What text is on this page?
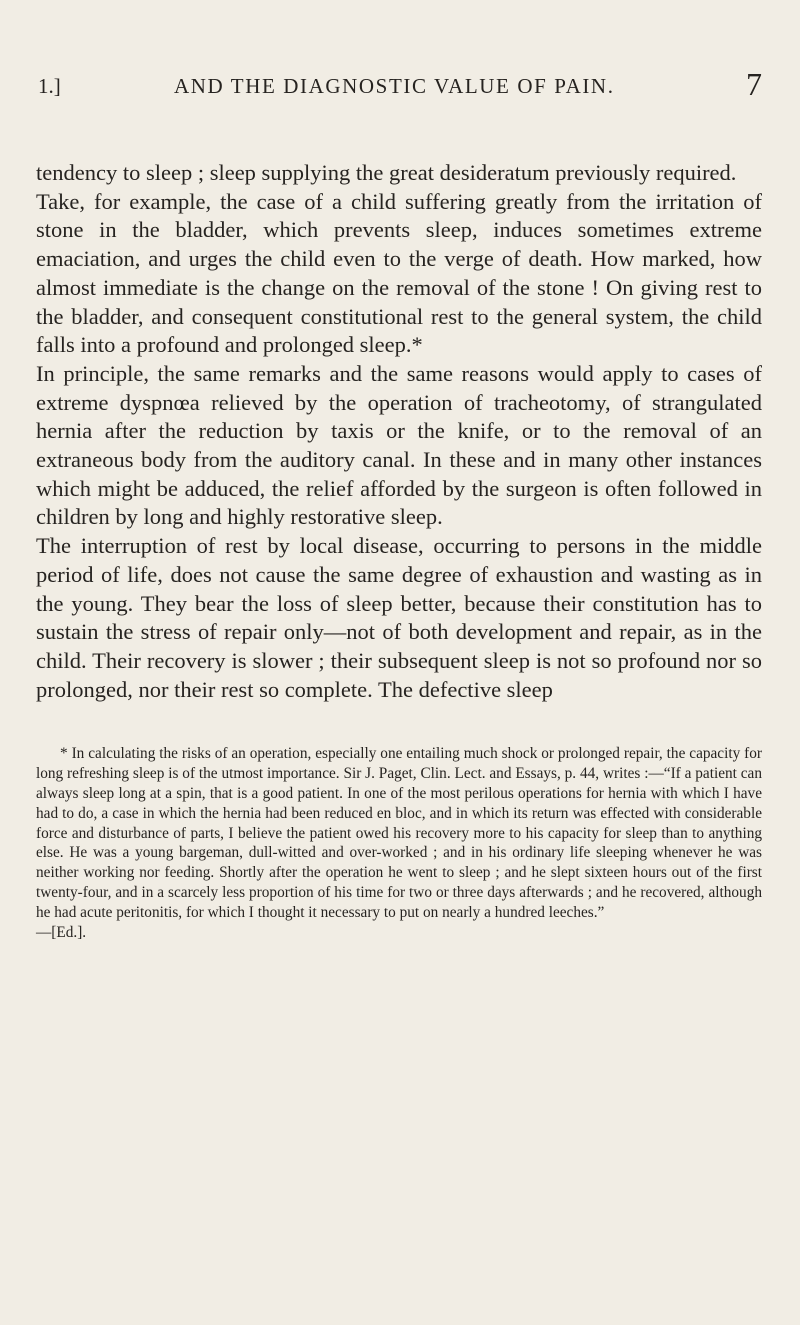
1.]	AND THE DIAGNOSTIC VALUE OF PAIN.	7

tendency to sleep ; sleep supplying the great desideratum previously required.

Take, for example, the case of a child suffering greatly from the irritation of stone in the bladder, which prevents sleep, induces sometimes extreme emaciation, and urges the child even to the verge of death. How marked, how almost immediate is the change on the removal of the stone ! On giving rest to the bladder, and consequent constitutional rest to the general system, the child falls into a profound and prolonged sleep.*

In principle, the same remarks and the same reasons would apply to cases of extreme dyspnœa relieved by the operation of tracheotomy, of strangulated hernia after the reduction by taxis or the knife, or to the removal of an extraneous body from the auditory canal. In these and in many other instances which might be adduced, the relief afforded by the surgeon is often followed in children by long and highly restorative sleep.

The interruption of rest by local disease, occurring to persons in the middle period of life, does not cause the same degree of exhaustion and wasting as in the young. They bear the loss of sleep better, because their constitution has to sustain the stress of repair only—not of both development and repair, as in the child. Their recovery is slower ; their subsequent sleep is not so profound nor so prolonged, nor their rest so complete. The defective sleep

* In calculating the risks of an operation, especially one entailing much shock or prolonged repair, the capacity for long refreshing sleep is of the utmost importance. Sir J. Paget, Clin. Lect. and Essays, p. 44, writes :—“If a patient can always sleep long at a spin, that is a good patient. In one of the most perilous operations for hernia with which I have had to do, a case in which the hernia had been reduced en bloc, and in which its return was effected with considerable force and disturbance of parts, I believe the patient owed his recovery more to his capacity for sleep than to anything else. He was a young bargeman, dull-witted and over-worked ; and in his ordinary life sleeping whenever he was neither working nor feeding. Shortly after the operation he went to sleep ; and he slept sixteen hours out of the first twenty-four, and in a scarcely less proportion of his time for two or three days afterwards ; and he recovered, although he had acute peritonitis, for which I thought it necessary to put on nearly a hundred leeches.”
—[Ed.].
